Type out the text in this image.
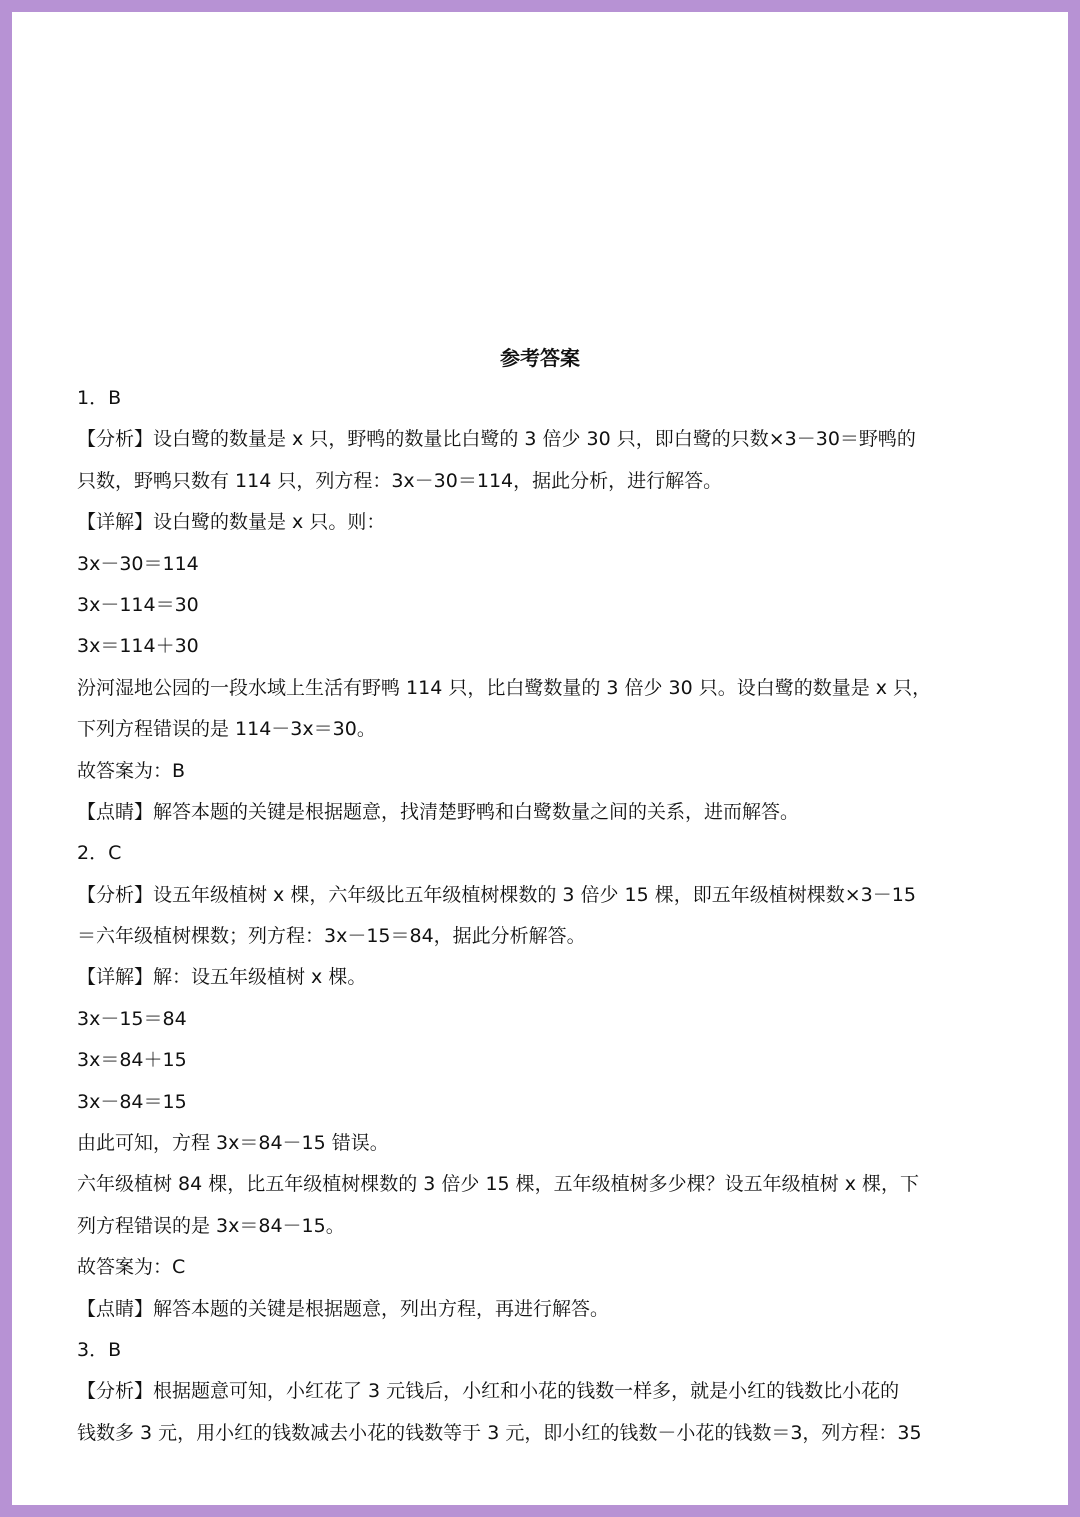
参考答案
1．B
【分析】设白鹭的数量是 x 只，野鸭的数量比白鹭的 3 倍少 30 只，即白鹭的只数×3－30＝野鸭的
只数，野鸭只数有 114 只，列方程：3x－30＝114，据此分析，进行解答。
【详解】设白鹭的数量是 x 只。则：
3x－30＝114
3x－114＝30
3x＝114＋30
汾河湿地公园的一段水域上生活有野鸭 114 只，比白鹭数量的 3 倍少 30 只。设白鹭的数量是 x 只，
下列方程错误的是 114－3x＝30。
故答案为：B
【点睛】解答本题的关键是根据题意，找清楚野鸭和白鹭数量之间的关系，进而解答。
2．C
【分析】设五年级植树 x 棵，六年级比五年级植树棵数的 3 倍少 15 棵，即五年级植树棵数×3－15
＝六年级植树棵数；列方程：3x－15＝84，据此分析解答。
【详解】解：设五年级植树 x 棵。
3x－15＝84
3x＝84＋15
3x－84＝15
由此可知，方程 3x＝84－15 错误。
六年级植树 84 棵，比五年级植树棵数的 3 倍少 15 棵，五年级植树多少棵？设五年级植树 x 棵，下
列方程错误的是 3x＝84－15。
故答案为：C
【点睛】解答本题的关键是根据题意，列出方程，再进行解答。
3．B
【分析】根据题意可知，小红花了 3 元钱后，小红和小花的钱数一样多，就是小红的钱数比小花的
钱数多 3 元，用小红的钱数减去小花的钱数等于 3 元，即小红的钱数－小花的钱数＝3，列方程：35
